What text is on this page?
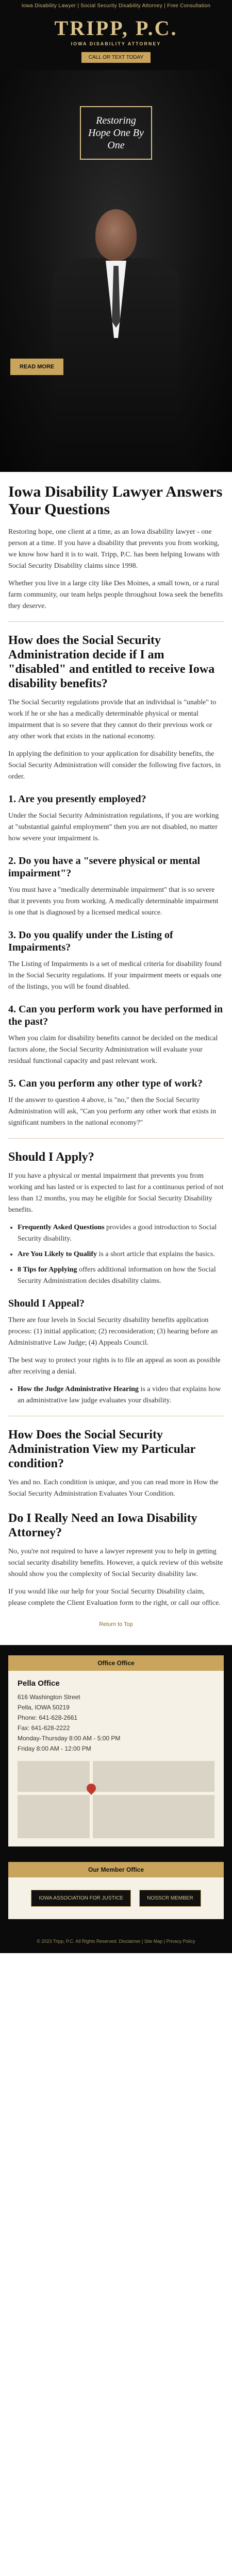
Iowa Disability Lawyer | Social Security Disability Attorney | Free Consultation
TRIPP, P.C.
IOWA DISABILITY ATTORNEY
CALL OR TEXT TODAY
Restoring Hope One By One
READ MORE
Iowa Disability Lawyer Answers Your Questions

Restoring hope, one client at a time, as an Iowa disability lawyer - one person at a time. If you have a disability that prevents you from working, we know how hard it is to wait. Tripp, P.C. has been helping Iowans with Social Security Disability claims since 1998.

Whether you live in a large city like Des Moines, a small town, or a rural farm community, our team helps people throughout Iowa seek the benefits they deserve.

How does the Social Security Administration decide if I am "disabled" and entitled to receive Iowa disability benefits?

The Social Security regulations provide that an individual is "unable" to work if he or she has a medically determinable physical or mental impairment that is so severe that they cannot do their previous work or any other work that exists in the national economy.

In applying the definition to your application for disability benefits, the Social Security Administration will consider the following five factors, in order.

1. Are you presently employed?

Under the Social Security Administration regulations, if you are working at "substantial gainful employment" then you are not disabled, no matter how severe your impairment is.

2. Do you have a "severe physical or mental impairment"?

You must have a "medically determinable impairment" that is so severe that it prevents you from working. A medically determinable impairment is one that is diagnosed by a licensed medical source.

3. Do you qualify under the Listing of Impairments?

The Listing of Impairments is a set of medical criteria for disability found in the Social Security regulations. If your impairment meets or equals one of the listings, you will be found disabled.

4. Can you perform work you have performed in the past?

When you claim for disability benefits cannot be decided on the medical factors alone, the Social Security Administration will evaluate your residual functional capacity and past relevant work.

5. Can you perform any other type of work?

If the answer to question 4 above, is "no," then the Social Security Administration will ask, "Can you perform any other work that exists in significant numbers in the national economy?"

Should I Apply?

If you have a physical or mental impairment that prevents you from working and has lasted or is expected to last for a continuous period of not less than 12 months, you may be eligible for Social Security Disability benefits.

• Frequently Asked Questions provides a good introduction to Social Security disability.
• Are You Likely to Qualify is a short article that explains the basics.
• 8 Tips for Applying offers additional information on how the Social Security Administration decides disability claims.
Should I Appeal?

There are four levels in Social Security disability benefits application process: (1) initial application; (2) reconsideration; (3) hearing before an Administrative Law Judge; (4) Appeals Council.

The best way to protect your rights is to file an appeal as soon as possible after receiving a denial.

• How the Judge Administrative Hearing is a video that explains how an administrative law judge evaluates your disability.
How Does the Social Security Administration View my Particular condition?

Yes and no. Each condition is unique, and you can read more in How the Social Security Administration Evaluates Your Condition.

Do I Really Need an Iowa Disability Attorney?

No, you're not required to have a lawyer represent you to help in getting social security disability benefits. However, a quick review of this website should show you the complexity of Social Security disability law.

If you would like our help for your Social Security Disability claim, please complete the Client Evaluation form to the right, or call our office.

Return to Top
Office Office
Pella Office
616 Washington Street
Pella, IOWA 50219
Phone: 641-628-2661
Fax: 641-628-2222
Monday-Thursday 8:00 AM - 5:00 PM
Friday 8:00 AM - 12:00 PM
Our Member Office
IOWA ASSOCIATION FOR JUSTICE	NOSSCR MEMBER
© 2023 Tripp, P.C. All Rights Reserved. Disclaimer | Site Map | Privacy Policy
